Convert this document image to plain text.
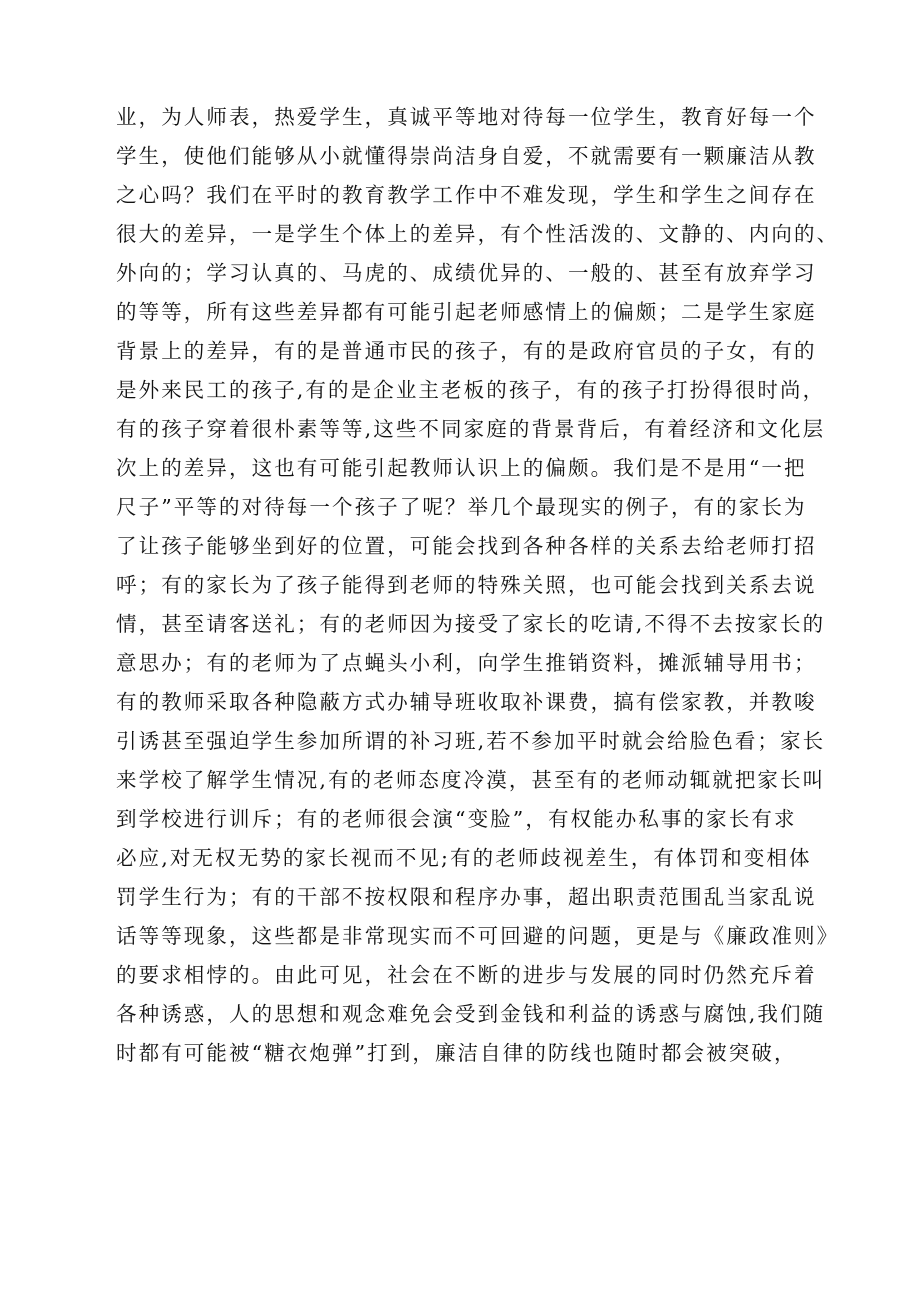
业，为人师表，热爱学生，真诚平等地对待每一位学生，教育好每一个
学生，使他们能够从小就懂得崇尚洁身自爱，不就需要有一颗廉洁从教
之心吗？我们在平时的教育教学工作中不难发现，学生和学生之间存在
很大的差异，一是学生个体上的差异，有个性活泼的、文静的、内向的、
外向的；学习认真的、马虎的、成绩优异的、一般的、甚至有放弃学习
的等等，所有这些差异都有可能引起老师感情上的偏颇；二是学生家庭
背景上的差异，有的是普通市民的孩子，有的是政府官员的子女，有的
是外来民工的孩子,有的是企业主老板的孩子，有的孩子打扮得很时尚，
有的孩子穿着很朴素等等,这些不同家庭的背景背后，有着经济和文化层
次上的差异，这也有可能引起教师认识上的偏颇。我们是不是用“一把
尺子”平等的对待每一个孩子了呢？举几个最现实的例子，有的家长为
了让孩子能够坐到好的位置，可能会找到各种各样的关系去给老师打招
呼；有的家长为了孩子能得到老师的特殊关照，也可能会找到关系去说
情，甚至请客送礼；有的老师因为接受了家长的吃请,不得不去按家长的
意思办；有的老师为了点蝇头小利，向学生推销资料，摊派辅导用书；
有的教师采取各种隐蔽方式办辅导班收取补课费，搞有偿家教，并教唆
引诱甚至强迫学生参加所谓的补习班,若不参加平时就会给脸色看；家长
来学校了解学生情况,有的老师态度冷漠，甚至有的老师动辄就把家长叫
到学校进行训斥；有的老师很会演“变脸”，有权能办私事的家长有求
必应,对无权无势的家长视而不见;有的老师歧视差生，有体罚和变相体
罚学生行为；有的干部不按权限和程序办事，超出职责范围乱当家乱说
话等等现象，这些都是非常现实而不可回避的问题，更是与《廉政准则》
的要求相悖的。由此可见，社会在不断的进步与发展的同时仍然充斥着
各种诱惑，人的思想和观念难免会受到金钱和利益的诱惑与腐蚀,我们随
时都有可能被“糖衣炮弹”打到，廉洁自律的防线也随时都会被突破，
